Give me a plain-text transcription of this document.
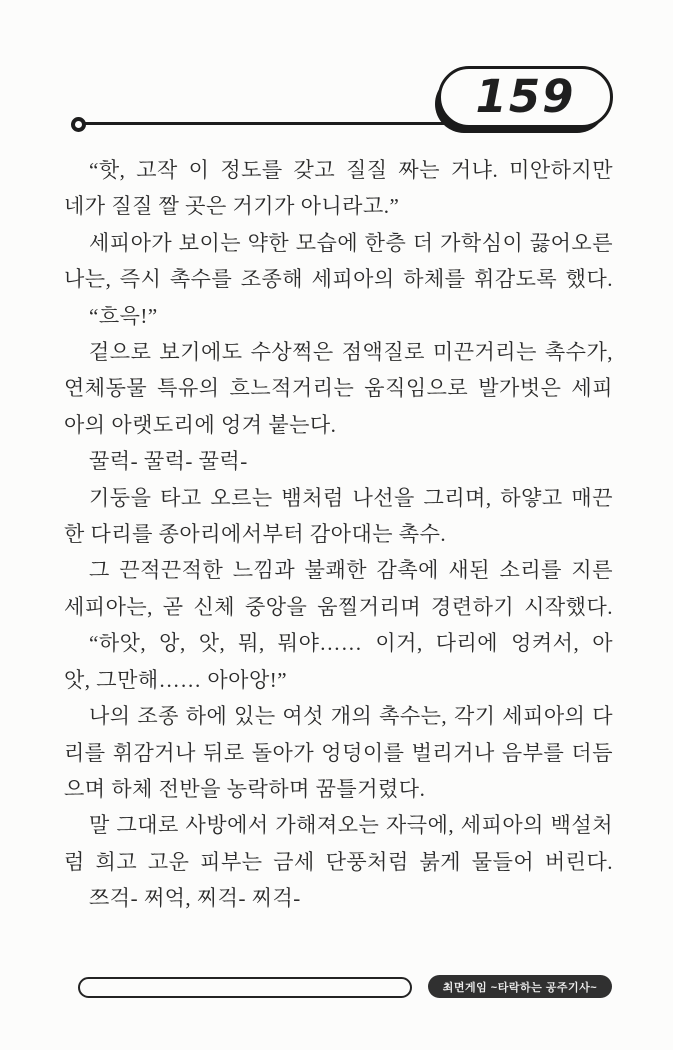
159
“핫, 고작 이 정도를 갖고 질질 짜는 거냐. 미안하지만
네가 질질 짤 곳은 거기가 아니라고.”
세피아가 보이는 약한 모습에 한층 더 가학심이 끓어오른
나는, 즉시 촉수를 조종해 세피아의 하체를 휘감도록 했다.
“흐윽!”
겉으로 보기에도 수상쩍은 점액질로 미끈거리는 촉수가,
연체동물 특유의 흐느적거리는 움직임으로 발가벗은 세피
아의 아랫도리에 엉겨 붙는다.
꿀럭- 꿀럭- 꿀럭-
기둥을 타고 오르는 뱀처럼 나선을 그리며, 하얗고 매끈
한 다리를 종아리에서부터 감아대는 촉수.
그 끈적끈적한 느낌과 불쾌한 감촉에 새된 소리를 지른
세피아는, 곧 신체 중앙을 움찔거리며 경련하기 시작했다.
“하앗, 앙, 앗, 뭐, 뭐야…… 이거, 다리에 엉켜서, 아
앗, 그만해…… 아아앙!”
나의 조종 하에 있는 여섯 개의 촉수는, 각기 세피아의 다
리를 휘감거나 뒤로 돌아가 엉덩이를 벌리거나 음부를 더듬
으며 하체 전반을 농락하며 꿈틀거렸다.
말 그대로 사방에서 가해져오는 자극에, 세피아의 백설처
럼 희고 고운 피부는 금세 단풍처럼 붉게 물들어 버린다.
쯔걱- 쩌억, 찌걱- 찌걱-
최면게임 ~타락하는 공주기사~
